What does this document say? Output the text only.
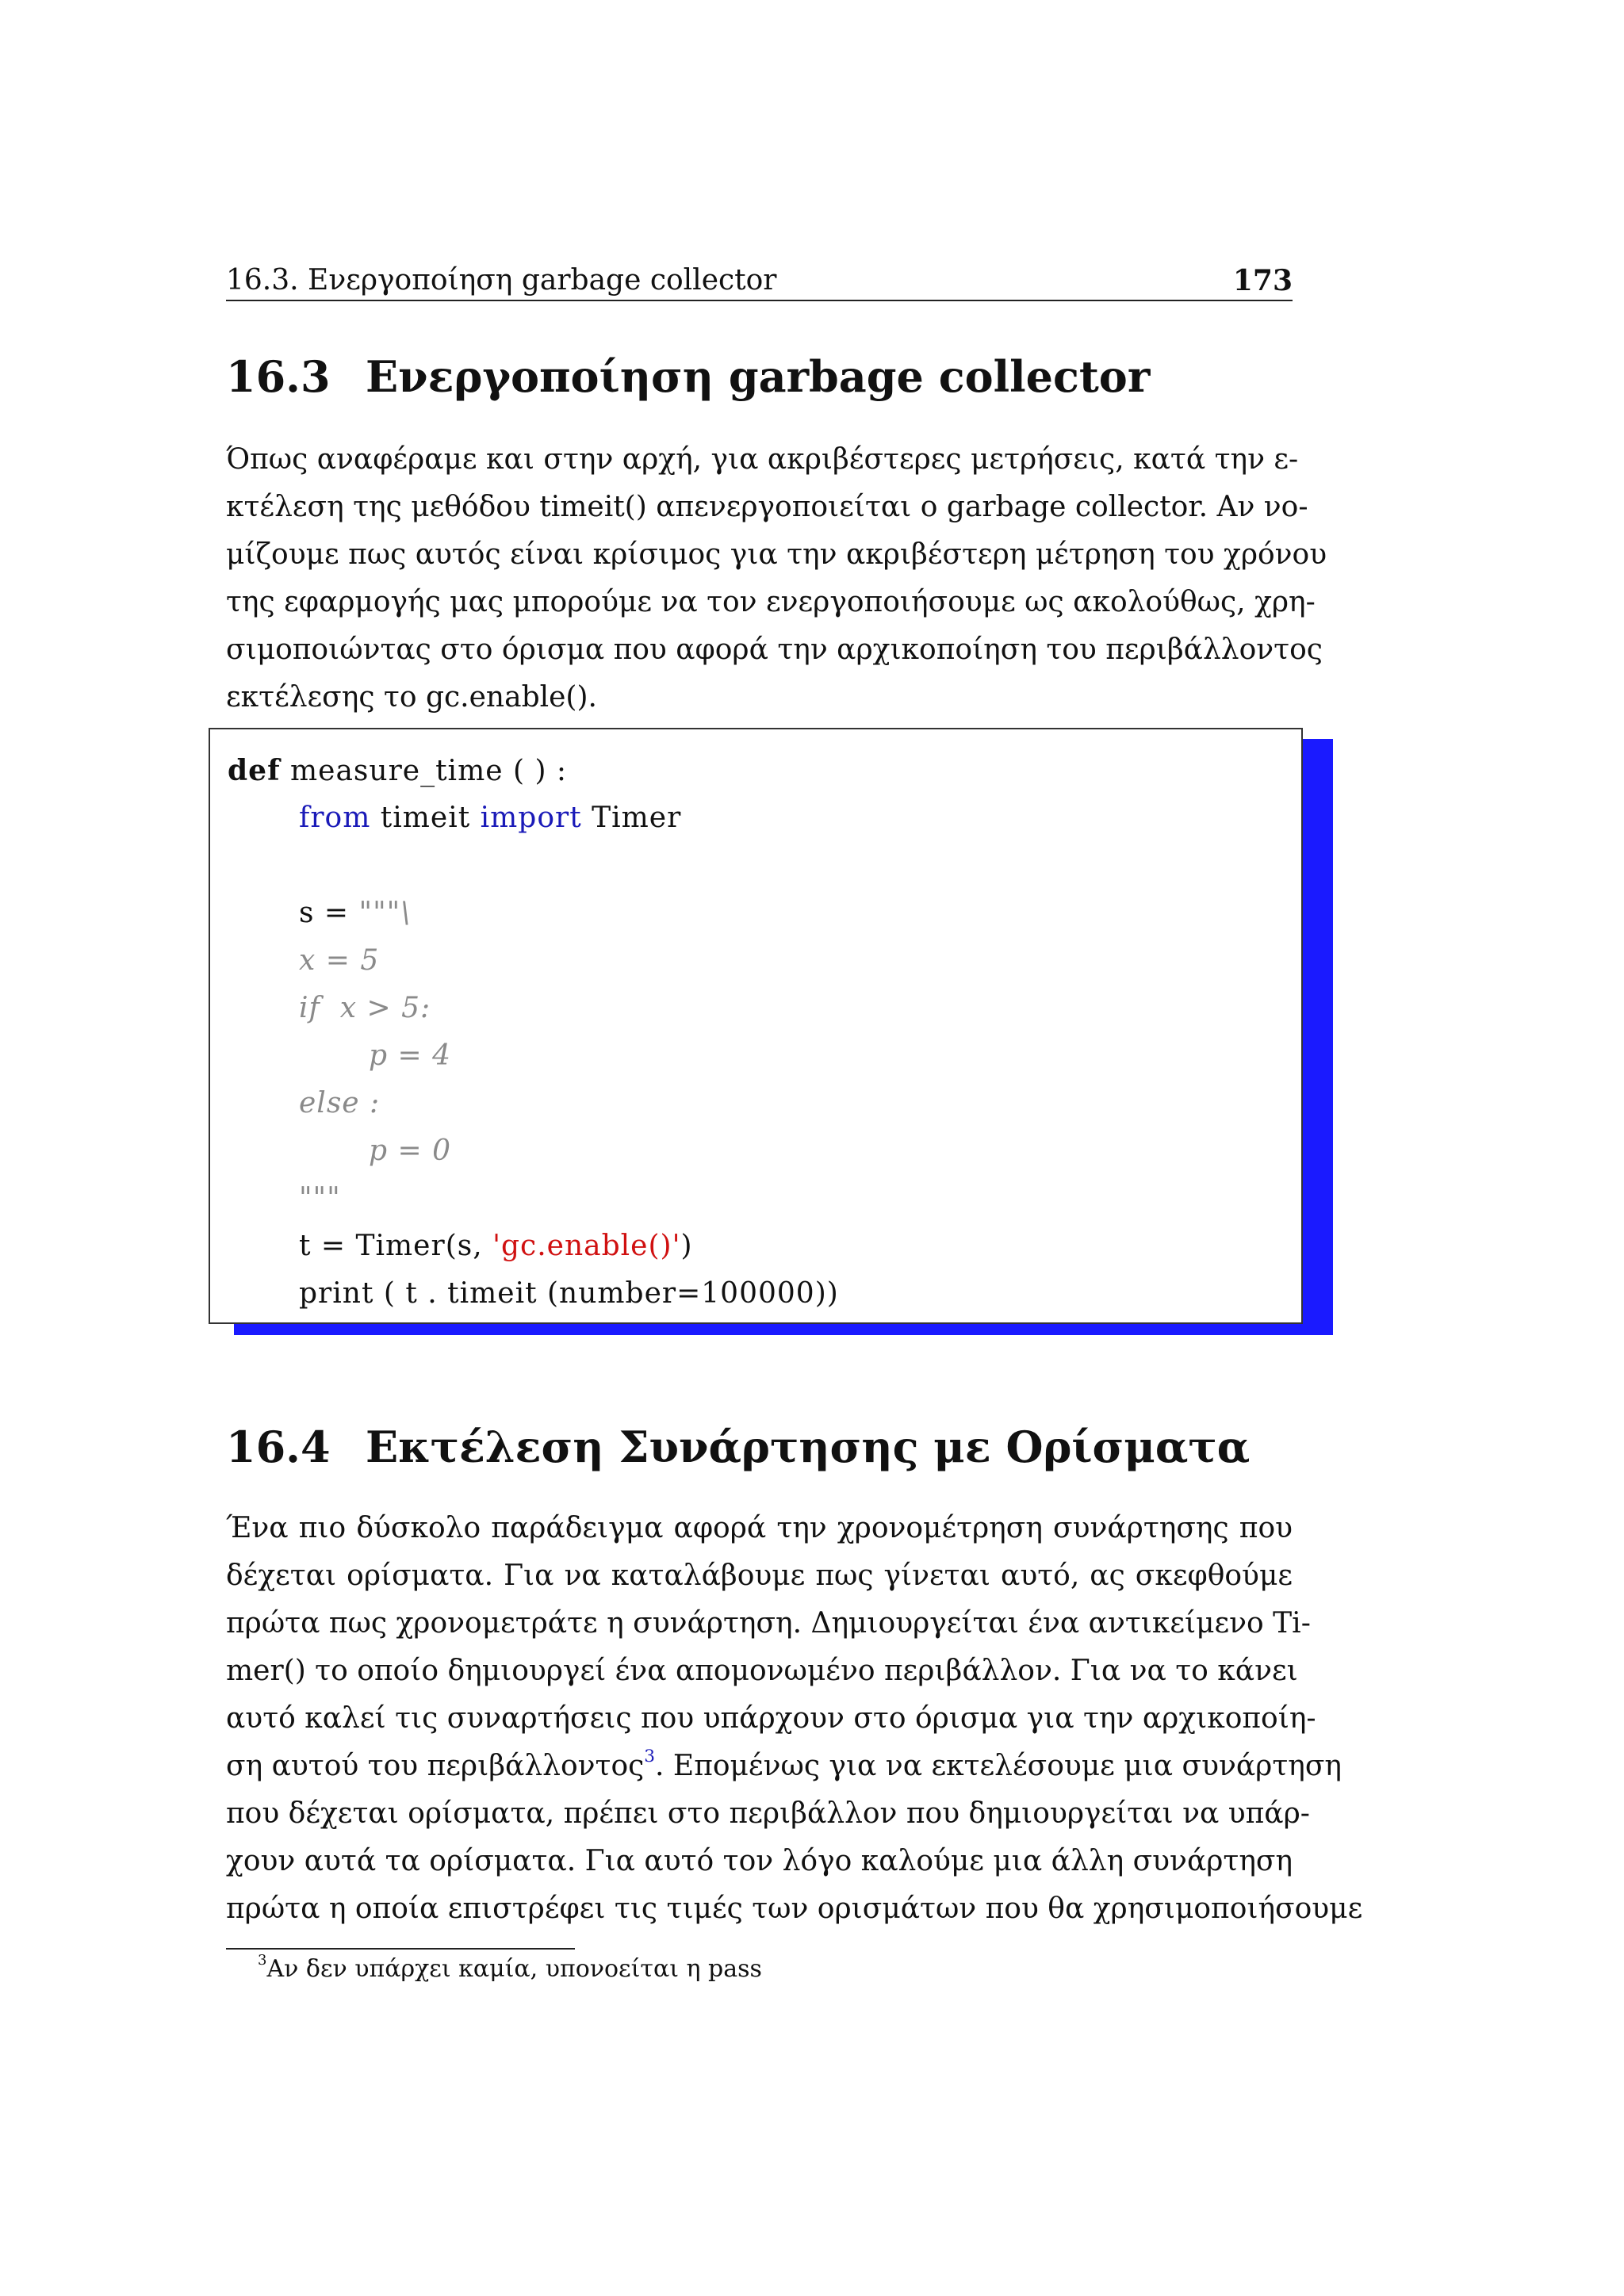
16.3. Ενεργοποίηση garbage collector	173
16.3 Ενεργοποίηση garbage collector
Όπως αναφέραμε και στην αρχή, για ακριβέστερες μετρήσεις, κατά την ε-
κτέλεση της μεθόδου timeit() απενεργοποιείται ο garbage collector. Αν νο-
μίζουμε πως αυτός είναι κρίσιμος για την ακριβέστερη μέτρηση του χρόνου
της εφαρμογής μας μπορούμε να τον ενεργοποιήσουμε ως ακολούθως, χρη-
σιμοποιώντας στο όρισμα που αφορά την αρχικοποίηση του περιβάλλοντος
εκτέλεσης το gc.enable().
def measure_time ( ) :
from timeit import Timer
s = """\
x = 5
if  x > 5:
p = 4
else :
p = 0
"""
t = Timer(s, 'gc.enable()')
print ( t . timeit (number=100000))
16.4 Εκτέλεση Συνάρτησης με Ορίσματα
Ένα πιο δύσκολο παράδειγμα αφορά την χρονομέτρηση συνάρτησης που
δέχεται ορίσματα. Για να καταλάβουμε πως γίνεται αυτό, ας σκεφθούμε
πρώτα πως χρονομετράτε η συνάρτηση. Δημιουργείται ένα αντικείμενο Ti-
mer() το οποίο δημιουργεί ένα απομονωμένο περιβάλλον. Για να το κάνει
αυτό καλεί τις συναρτήσεις που υπάρχουν στο όρισμα για την αρχικοποίη-
ση αυτού του περιβάλλοντος$^3$. Επομένως για να εκτελέσουμε μια συνάρτηση
που δέχεται ορίσματα, πρέπει στο περιβάλλον που δημιουργείται να υπάρ-
χουν αυτά τα ορίσματα. Για αυτό τον λόγο καλούμε μια άλλη συνάρτηση
πρώτα η οποία επιστρέφει τις τιμές των ορισμάτων που θα χρησιμοποιήσουμε
$^3$Αν δεν υπάρχει καμία, υπονοείται η pass
